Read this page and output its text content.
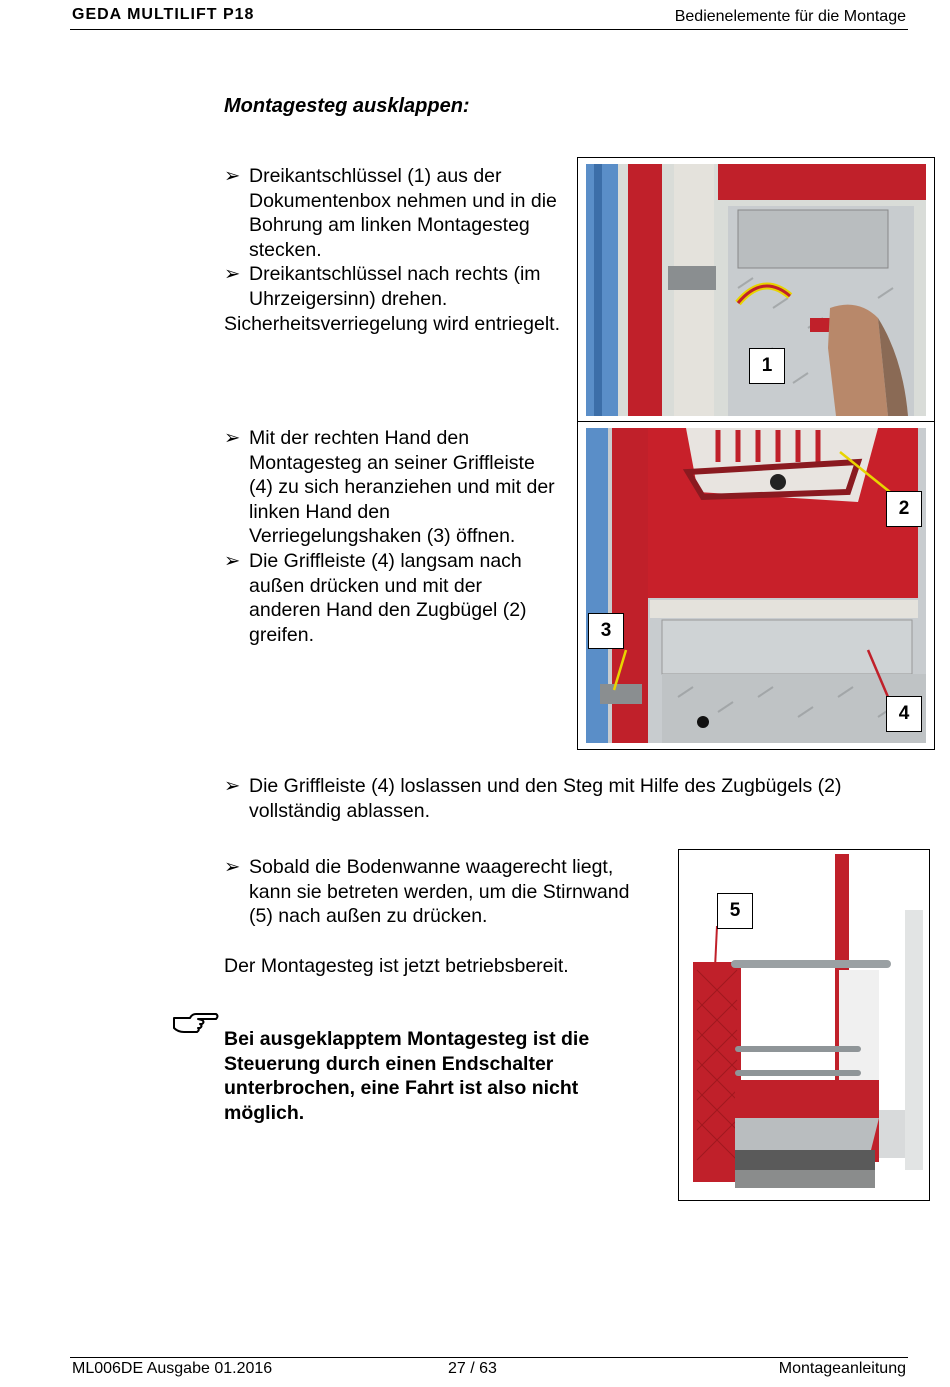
GEDA MULTILIFT P18	Bedienelemente für die Montage
Montagesteg ausklappen:
➢ Dreikantschlüssel (1) aus der Dokumentenbox nehmen und in die Bohrung am linken Montagesteg stecken.
➢ Dreikantschlüssel nach rechts (im Uhrzeigersinn) drehen.
Sicherheitsverriegelung wird entriegelt.
➢ Mit der rechten Hand den Montagesteg an seiner Griffleiste (4) zu sich heranziehen und mit der linken Hand den Verriegelungshaken (3) öffnen.
➢ Die Griffleiste (4) langsam nach außen drücken und mit der anderen Hand den Zugbügel (2) greifen.
1
2
3
4
➢ Die Griffleiste (4) loslassen und den Steg mit Hilfe des Zugbügels (2) vollständig ablassen.
➢ Sobald die Bodenwanne waagerecht liegt, kann sie betreten werden, um die Stirnwand (5) nach außen zu drücken.
Der Montagesteg ist jetzt betriebsbereit.
5
Bei ausgeklapptem Montagesteg ist die Steuerung durch einen Endschalter unterbrochen, eine Fahrt ist also nicht möglich.
ML006DE Ausgabe 01.2016	27 / 63	Montageanleitung
